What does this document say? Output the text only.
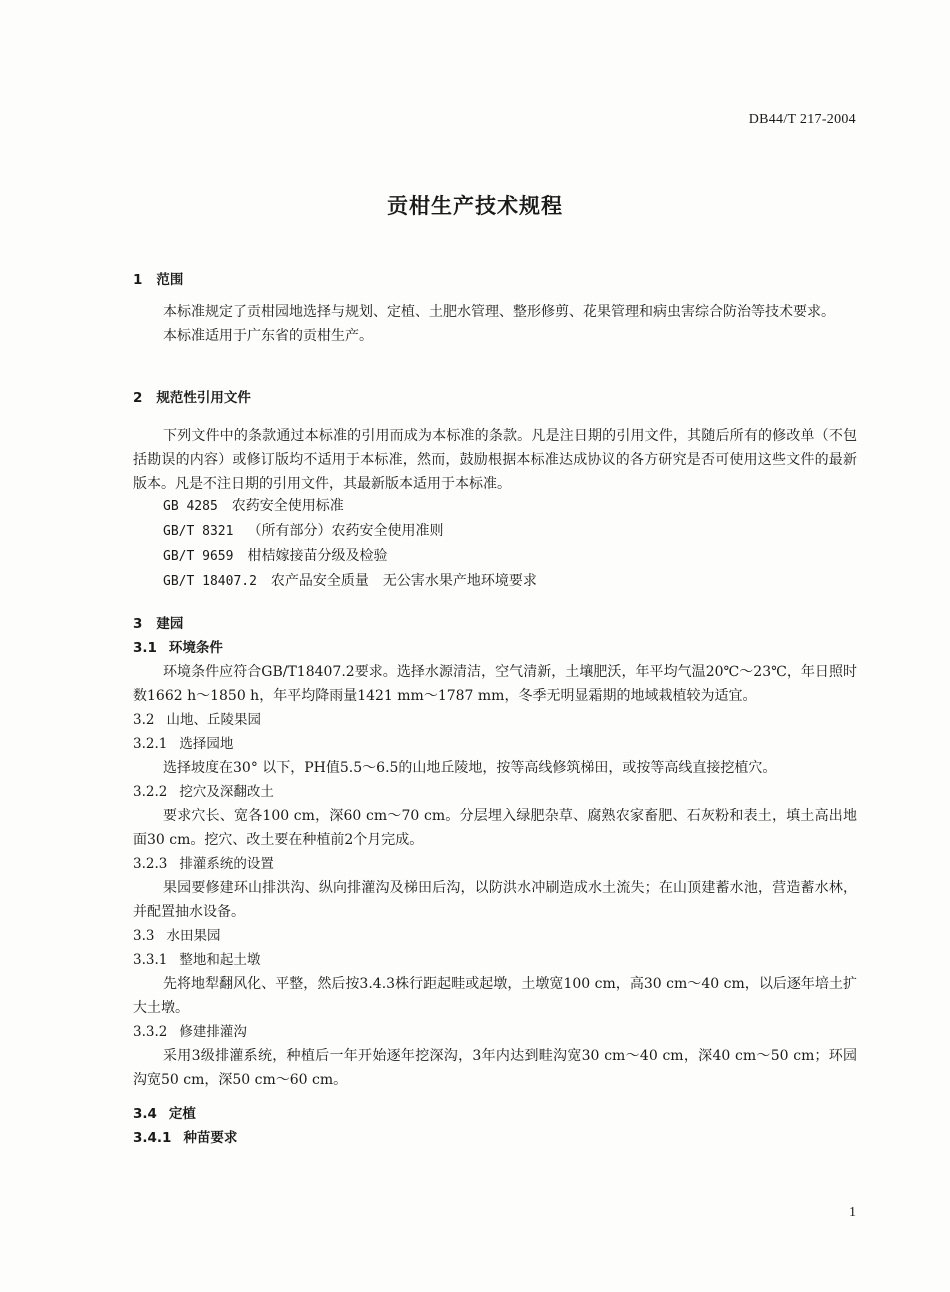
DB44/T 217-2004
贡柑生产技术规程
1 范围
本标准规定了贡柑园地选择与规划、定植、土肥水管理、整形修剪、花果管理和病虫害综合防治等技术要求。
本标准适用于广东省的贡柑生产。
2 规范性引用文件
下列文件中的条款通过本标准的引用而成为本标准的条款。凡是注日期的引用文件，其随后所有的修改单（不包括勘误的内容）或修订版均不适用于本标准，然而，鼓励根据本标准达成协议的各方研究是否可使用这些文件的最新版本。凡是不注日期的引用文件，其最新版本适用于本标准。
GB 4285 农药安全使用标准
GB/T 8321 （所有部分）农药安全使用准则
GB/T 9659 柑桔嫁接苗分级及检验
GB/T 18407.2 农产品安全质量　无公害水果产地环境要求
3 建园
3.1 环境条件
环境条件应符合GB/T18407.2要求。选择水源清洁，空气清新，土壤肥沃，年平均气温20℃～23℃，年日照时数1662 h～1850 h，年平均降雨量1421 mm～1787 mm，冬季无明显霜期的地域栽植较为适宜。
3.2 山地、丘陵果园
3.2.1 选择园地
选择坡度在30° 以下，PH值5.5～6.5的山地丘陵地，按等高线修筑梯田，或按等高线直接挖植穴。
3.2.2 挖穴及深翻改土
要求穴长、宽各100 cm，深60 cm～70 cm。分层埋入绿肥杂草、腐熟农家畜肥、石灰粉和表土，填土高出地面30 cm。挖穴、改土要在种植前2个月完成。
3.2.3 排灌系统的设置
果园要修建环山排洪沟、纵向排灌沟及梯田后沟，以防洪水冲刷造成水土流失；在山顶建蓄水池，营造蓄水林，并配置抽水设备。
3.3 水田果园
3.3.1 整地和起土墩
先将地犁翻风化、平整，然后按3.4.3株行距起畦或起墩，土墩宽100 cm，高30 cm～40 cm，以后逐年培土扩大土墩。
3.3.2 修建排灌沟
采用3级排灌系统，种植后一年开始逐年挖深沟，3年内达到畦沟宽30 cm～40 cm，深40 cm～50 cm；环园沟宽50 cm，深50 cm～60 cm。
3.4 定植
3.4.1 种苗要求
1
